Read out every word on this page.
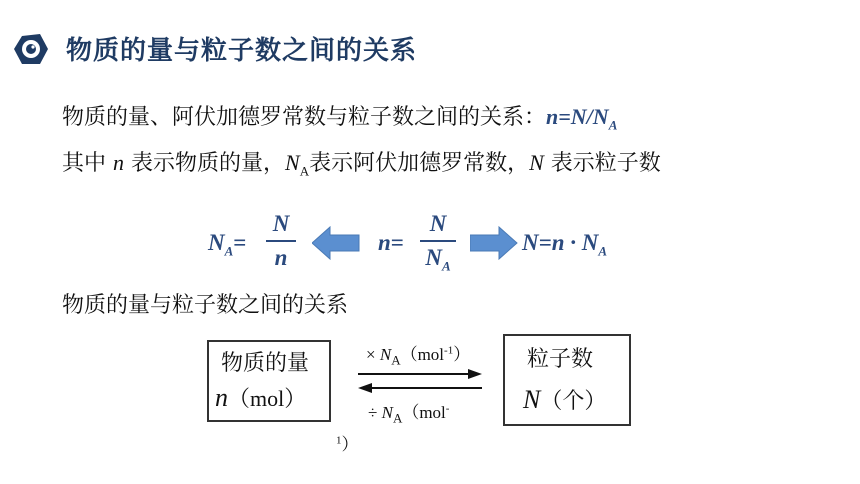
物质的量与粒子数之间的关系
物质的量、阿伏加德罗常数与粒子数之间的关系：$n=N/N_A$
其中 n 表示物质的量，$N_A$表示阿伏加德罗常数，N 表示粒子数
$N_A=$
N
n
n=
N
$N_A$
$N=n \cdot N_A$
物质的量与粒子数之间的关系
物质的量
n（mol）
粒子数
N（个）
× $N_A(mol^{-1})$
÷ $N_A(mol^-$
$^1$）
